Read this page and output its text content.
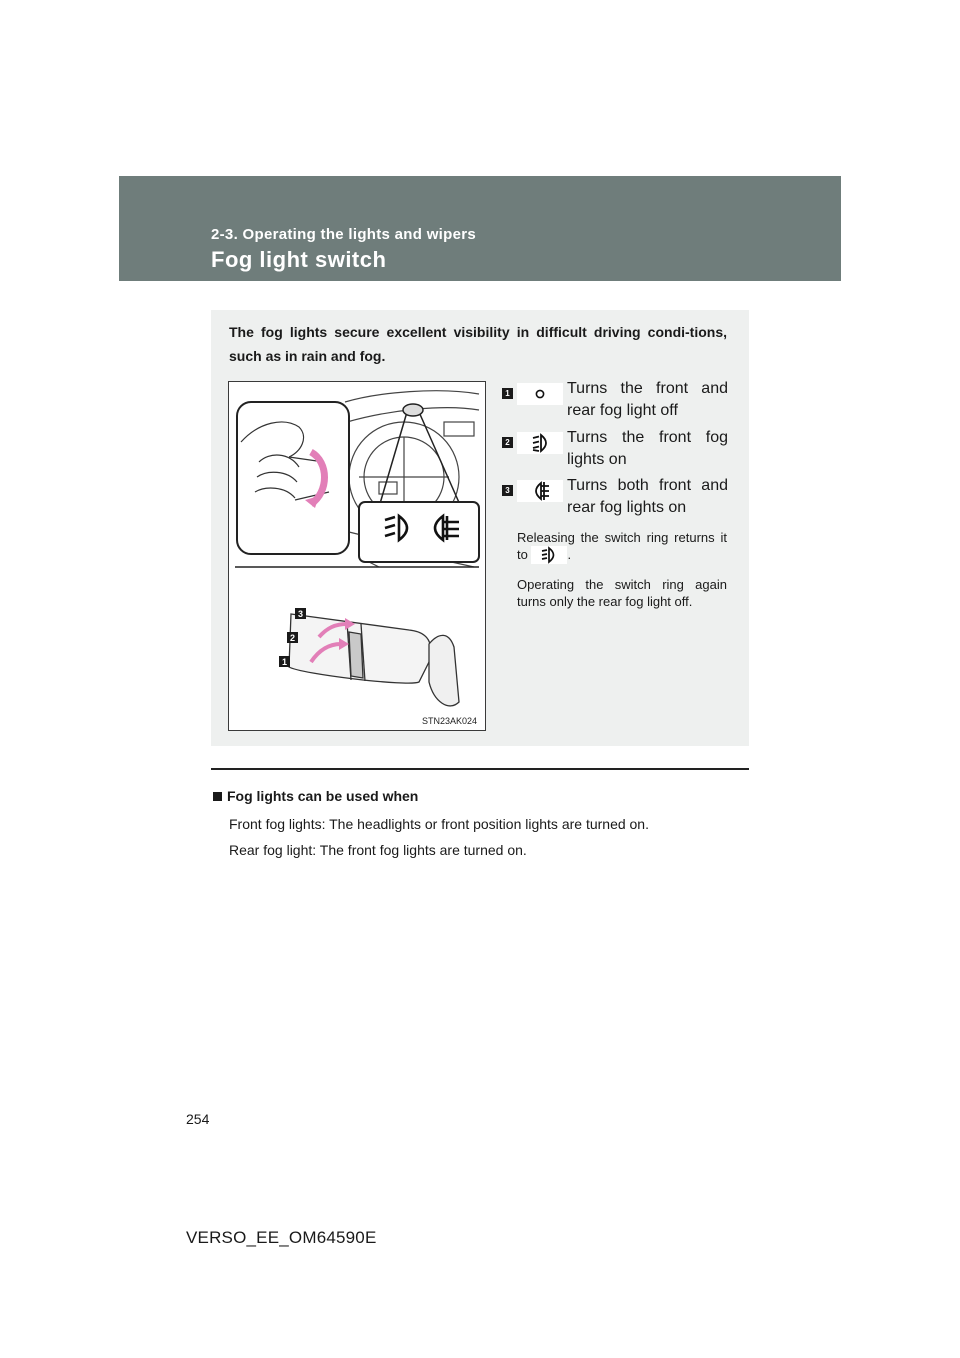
2-3. Operating the lights and wipers
Fog light switch
The fog lights secure excellent visibility in difficult driving condi-tions, such as in rain and fog.
3
2
1
STN23AK024
1	Turns the front and rear fog light off
2	Turns the front fog lights on
3	Turns both front and rear fog lights on
Releasing the switch ring returns it to	.
Operating the switch ring again turns only the rear fog light off.
Fog lights can be used when
Front fog lights: The headlights or front position lights are turned on.
Rear fog light: The front fog lights are turned on.
254
VERSO_EE_OM64590E
